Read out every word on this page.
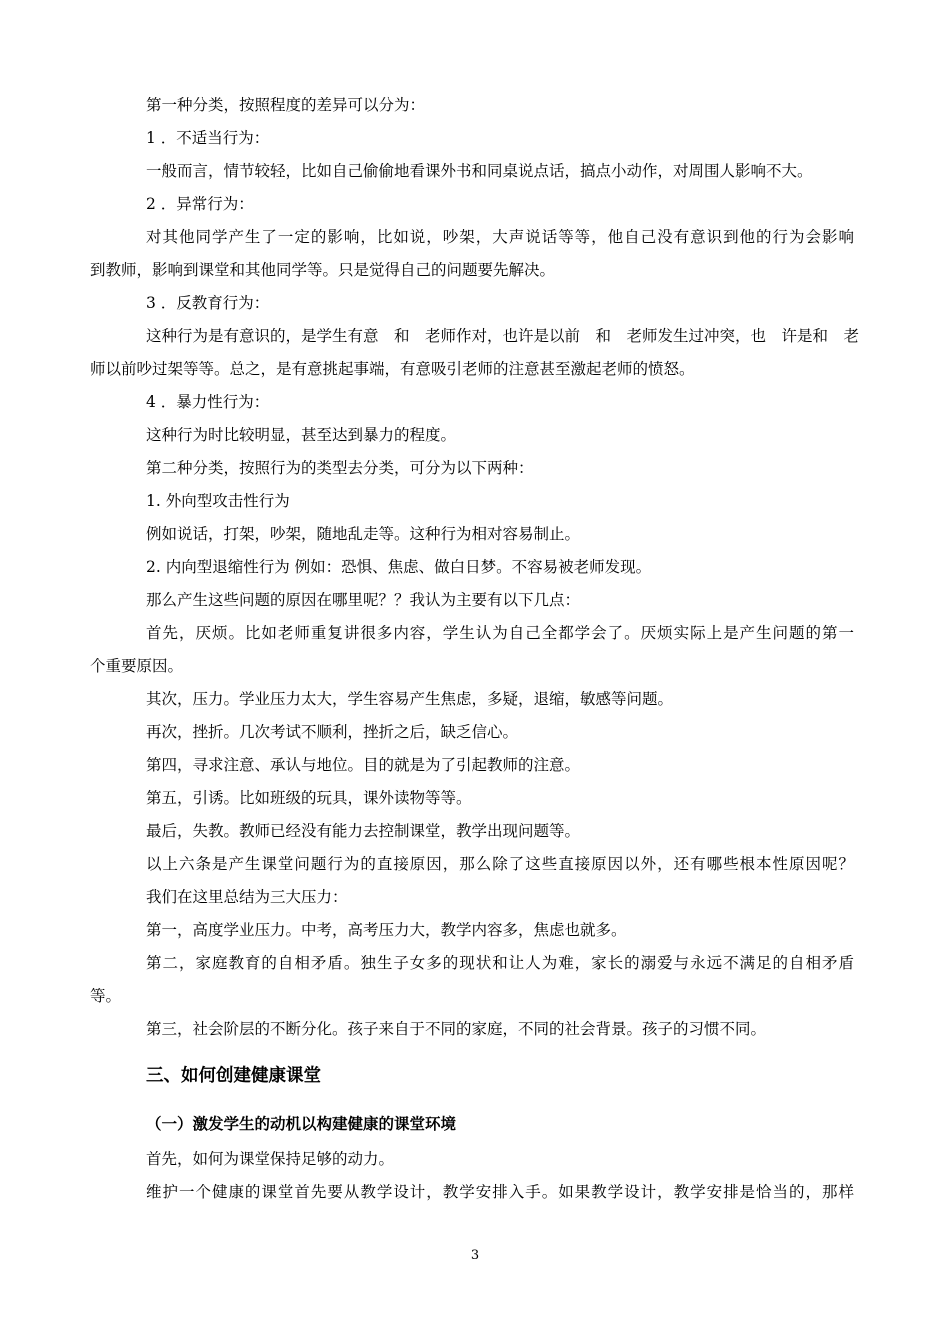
第一种分类，按照程度的差异可以分为：
1 ．不适当行为：
一般而言，情节较轻，比如自己偷偷地看课外书和同桌说点话，搞点小动作，对周围人影响不大。
2 ．异常行为：
对其他同学产生了一定的影响，比如说，吵架，大声说话等等，他自己没有意识到他的行为会影响
到教师，影响到课堂和其他同学等。只是觉得自己的问题要先解决。
3 ．反教育行为：
这种行为是有意识的，是学生有意　和　老师作对，也许是以前　和　老师发生过冲突，也　许是和　老
师以前吵过架等等。总之，是有意挑起事端，有意吸引老师的注意甚至激起老师的愤怒。
4 ．暴力性行为：
这种行为时比较明显，甚至达到暴力的程度。
第二种分类，按照行为的类型去分类，可分为以下两种：
1. 外向型攻击性行为
例如说话，打架，吵架，随地乱走等。这种行为相对容易制止。
2. 内向型退缩性行为 例如：恐惧、焦虑、做白日梦。不容易被老师发现。
那么产生这些问题的原因在哪里呢？？我认为主要有以下几点：
首先，厌烦。比如老师重复讲很多内容，学生认为自己全都学会了。厌烦实际上是产生问题的第一
个重要原因。
其次，压力。学业压力太大，学生容易产生焦虑，多疑，退缩，敏感等问题。
再次，挫折。几次考试不顺利，挫折之后，缺乏信心。
第四，寻求注意、承认与地位。目的就是为了引起教师的注意。
第五，引诱。比如班级的玩具，课外读物等等。
最后，失教。教师已经没有能力去控制课堂，教学出现问题等。
以上六条是产生课堂问题行为的直接原因，那么除了这些直接原因以外，还有哪些根本性原因呢？
我们在这里总结为三大压力：
第一，高度学业压力。中考，高考压力大，教学内容多，焦虑也就多。
第二，家庭教育的自相矛盾。独生子女多的现状和让人为难，家长的溺爱与永远不满足的自相矛盾
等。
第三，社会阶层的不断分化。孩子来自于不同的家庭，不同的社会背景。孩子的习惯不同。
三、如何创建健康课堂
（一）激发学生的动机以构建健康的课堂环境
首先，如何为课堂保持足够的动力。
维护一个健康的课堂首先要从教学设计，教学安排入手。如果教学设计，教学安排是恰当的，那样
3
